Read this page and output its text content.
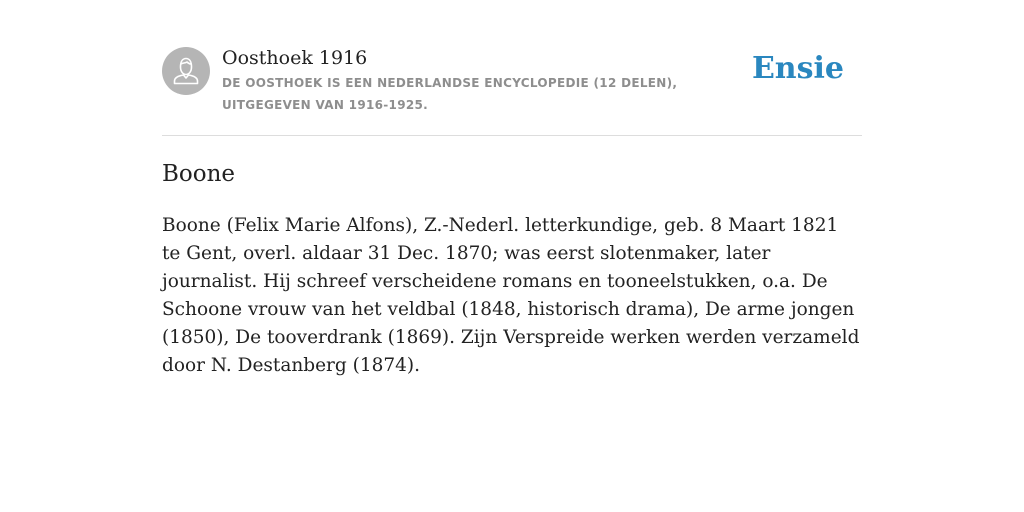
Oosthoek 1916
DE OOSTHOEK IS EEN NEDERLANDSE ENCYCLOPEDIE (12 DELEN), UITGEGEVEN VAN 1916-1925.
Ensie
Boone

Boone (Felix Marie Alfons), Z.-Nederl. letterkundige, geb. 8 Maart 1821 te Gent, overl. aldaar 31 Dec. 1870; was eerst slotenmaker, later journalist. Hij schreef verscheidene romans en tooneelstukken, o.a. De Schoone vrouw van het veldbal (1848, historisch drama), De arme jongen (1850), De tooverdrank (1869). Zijn Verspreide werken werden verzameld door N. Destanberg (1874).
